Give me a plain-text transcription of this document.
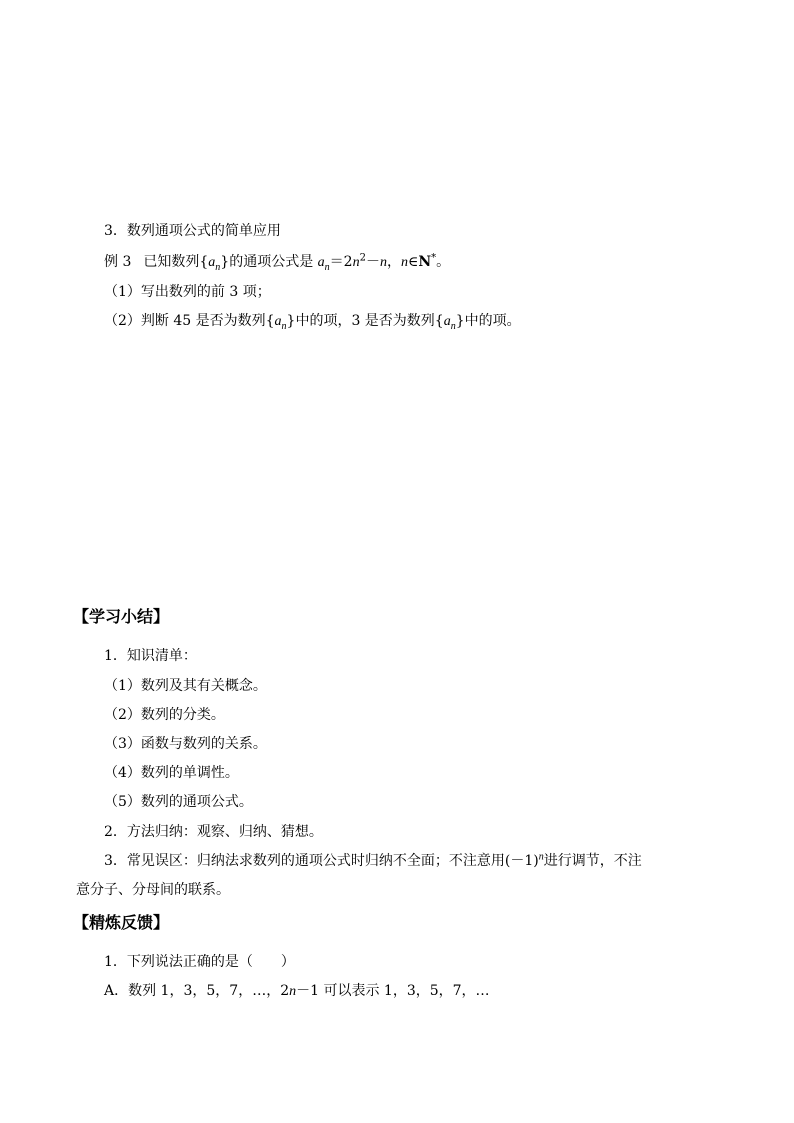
3．数列通项公式的简单应用
例 3 已知数列$\{a_n\}$的通项公式是 $a_n=2n^2-n$，n∈N*。
（1）写出数列的前 3 项；
（2）判断 45 是否为数列$\{a_n\}$中的项，3 是否为数列$\{a_n\}$中的项。
【学习小结】
1．知识清单：
（1）数列及其有关概念。
（2）数列的分类。
（3）函数与数列的关系。
（4）数列的单调性。
（5）数列的通项公式。
2．方法归纳：观察、归纳、猜想。
3．常见误区：归纳法求数列的通项公式时归纳不全面；不注意用$(-1)^n$进行调节，不注
意分子、分母间的联系。
【精炼反馈】
1．下列说法正确的是（　　）
A．数列 1，3，5，7，…，2n－1 可以表示 1，3，5，7，…
